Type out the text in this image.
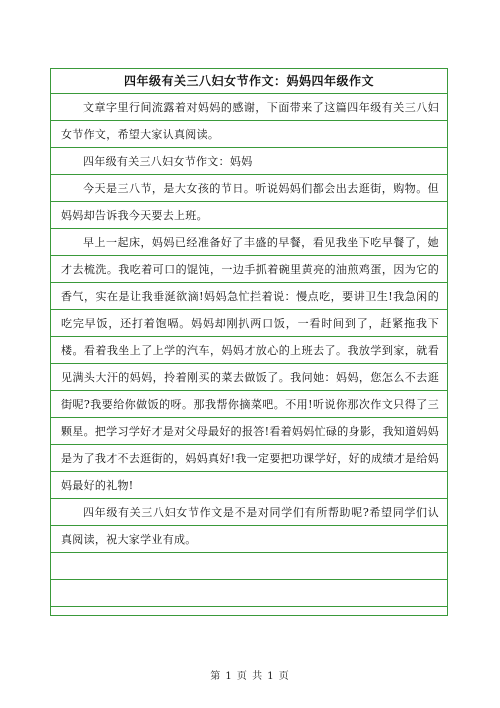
四年级有关三八妇女节作文：妈妈四年级作文

文章字里行间流露着对妈妈的感谢，下面带来了这篇四年级有关三八妇女节作文，希望大家认真阅读。

四年级有关三八妇女节作文：妈妈

今天是三八节，是大女孩的节日。听说妈妈们都会出去逛街，购物。但妈妈却告诉我今天要去上班。

早上一起床，妈妈已经准备好了丰盛的早餐，看见我坐下吃早餐了，她才去梳洗。我吃着可口的馄饨，一边手抓着碗里黄亮的油煎鸡蛋，因为它的香气，实在是让我垂涎欲滴!妈妈急忙拦着说：慢点吃，要讲卫生!我急闲的吃完早饭，还打着饱嗝。妈妈却刚扒两口饭，一看时间到了，赶紧拖我下楼。看着我坐上了上学的汽车，妈妈才放心的上班去了。我放学到家，就看见满头大汗的妈妈，拎着刚买的菜去做饭了。我问她：妈妈，您怎么不去逛街呢?我要给你做饭的呀。那我帮你摘菜吧。不用!听说你那次作文只得了三颗星。把学习学好才是对父母最好的报答!看着妈妈忙碌的身影，我知道妈妈是为了我才不去逛街的，妈妈真好!我一定要把功课学好，好的成绩才是给妈妈最好的礼物!

四年级有关三八妇女节作文是不是对同学们有所帮助呢?希望同学们认真阅读，祝大家学业有成。

第 1 页 共 1 页
